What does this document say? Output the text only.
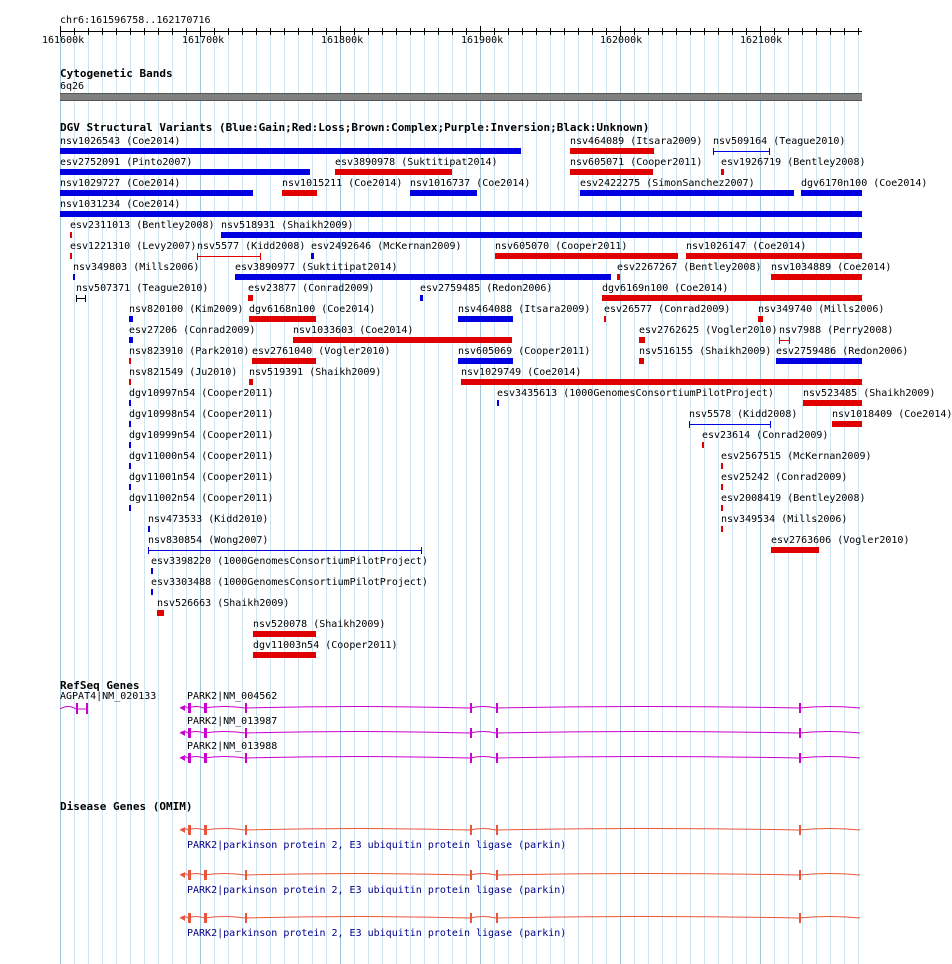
chr6:161596758..162170716
161600k	161700k	161800k	161900k	162000k	162100k
Cytogenetic Bands
6q26
DGV Structural Variants (Blue:Gain;Red:Loss;Brown:Complex;Purple:Inversion;Black:Unknown)
nsv1026543 (Coe2014)	nsv464089 (Itsara2009) nsv509164 (Teague2010)
esv2752091 (Pinto2007)	esv3890978 (Suktitipat2014)	nsv605071 (Cooper2011) esv1926719 (Bentley2008)
nsv1029727 (Coe2014)	nsv1015211 (Coe2014) nsv1016737 (Coe2014)	esv2422275 (SimonSanchez2007)	dgv6170n100 (Coe2014)
nsv1031234 (Coe2014)
esv2311013 (Bentley2008) nsv518931 (Shaikh2009)
esv1221310 (Levy2007) nsv5577 (Kidd2008) esv2492646 (McKernan2009)	nsv605070 (Cooper2011)	nsv1026147 (Coe2014)
nsv349803 (Mills2006)	esv3890977 (Suktitipat2014)	esv2267267 (Bentley2008) nsv1034889 (Coe2014)
nsv507371 (Teague2010)	esv23877 (Conrad2009)	esv2759485 (Redon2006)	dgv6169n100 (Coe2014)
nsv820100 (Kim2009) dgv6168n100 (Coe2014)	nsv464088 (Itsara2009) esv26577 (Conrad2009)	nsv349740 (Mills2006)
esv27206 (Conrad2009)	nsv1033603 (Coe2014)	esv2762625 (Vogler2010) nsv7988 (Perry2008)
nsv823910 (Park2010) esv2761040 (Vogler2010)	nsv605069 (Cooper2011)	nsv516155 (Shaikh2009) esv2759486 (Redon2006)
nsv821549 (Ju2010) nsv519391 (Shaikh2009)	nsv1029749 (Coe2014)
dgv10997n54 (Cooper2011)	esv3435613 (1000GenomesConsortiumPilotProject)	nsv523485 (Shaikh2009)
dgv10998n54 (Cooper2011)	nsv5578 (Kidd2008)	nsv1018409 (Coe2014)
dgv10999n54 (Cooper2011)	esv23614 (Conrad2009)
dgv11000n54 (Cooper2011)	esv2567515 (McKernan2009)
dgv11001n54 (Cooper2011)	esv25242 (Conrad2009)
dgv11002n54 (Cooper2011)	esv2008419 (Bentley2008)
nsv473533 (Kidd2010)	nsv349534 (Mills2006)
nsv830854 (Wong2007)	esv2763606 (Vogler2010)
esv3398220 (1000GenomesConsortiumPilotProject)
esv3303488 (1000GenomesConsortiumPilotProject)
nsv526663 (Shaikh2009)
nsv520078 (Shaikh2009)
dgv11003n54 (Cooper2011)
RefSeq Genes
AGPAT4|NM_020133	PARK2|NM_004562
PARK2|NM_013987
PARK2|NM_013988
Disease Genes (OMIM)
PARK2|parkinson protein 2, E3 ubiquitin protein ligase (parkin)
PARK2|parkinson protein 2, E3 ubiquitin protein ligase (parkin)
PARK2|parkinson protein 2, E3 ubiquitin protein ligase (parkin)
